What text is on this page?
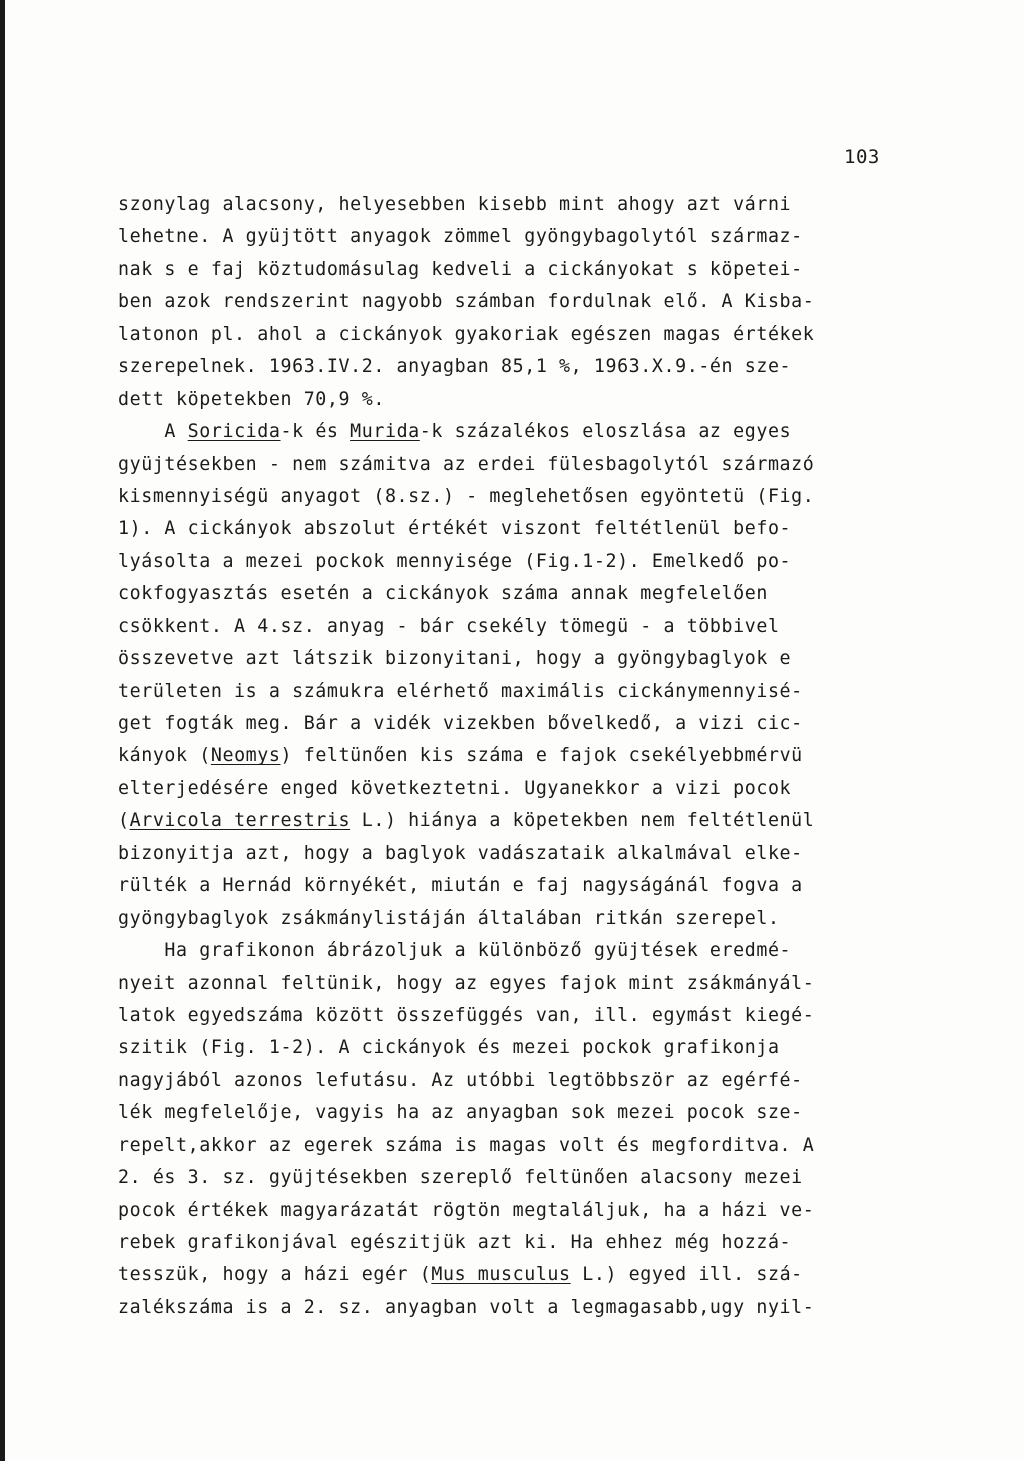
103
szonylag alacsony, helyesebben kisebb mint ahogy azt várni
lehetne. A gyüjtött anyagok zömmel gyöngybagolytól származ-
nak s e faj köztudomásulag kedveli a cickányokat s köpetei-
ben azok rendszerint nagyobb számban fordulnak elő. A Kisba-
latonon pl. ahol a cickányok gyakoriak egészen magas értékek
szerepelnek. 1963.IV.2. anyagban 85,1 %, 1963.X.9.-én sze-
dett köpetekben 70,9 %.
A Soricida-k és Murida-k százalékos eloszlása az egyes
gyüjtésekben - nem számitva az erdei fülesbagolytól származó
kismennyiségü anyagot (8.sz.) - meglehetősen egyöntetü (Fig.
1). A cickányok abszolut értékét viszont feltétlenül befo-
lyásolta a mezei pockok mennyisége (Fig.1-2). Emelkedő po-
cokfogyasztás esetén a cickányok száma annak megfelelően
csökkent. A 4.sz. anyag - bár csekély tömegü - a többivel
összevetve azt látszik bizonyitani, hogy a gyöngybaglyok e
területen is a számukra elérhető maximális cickánymennyisé-
get fogták meg. Bár a vidék vizekben bővelkedő, a vizi cic-
kányok (Neomys) feltünően kis száma e fajok csekélyebbmérvü
elterjedésére enged következtetni. Ugyanekkor a vizi pocok
(Arvicola terrestris L.) hiánya a köpetekben nem feltétlenül
bizonyitja azt, hogy a baglyok vadászataik alkalmával elke-
rülték a Hernád környékét, miután e faj nagyságánál fogva a
gyöngybaglyok zsákmánylistáján általában ritkán szerepel.
Ha grafikonon ábrázoljuk a különböző gyüjtések eredmé-
nyeit azonnal feltünik, hogy az egyes fajok mint zsákmányál-
latok egyedszáma között összefüggés van, ill. egymást kiegé-
szitik (Fig. 1-2). A cickányok és mezei pockok grafikonja
nagyjából azonos lefutásu. Az utóbbi legtöbbször az egérfé-
lék megfelelője, vagyis ha az anyagban sok mezei pocok sze-
repelt,akkor az egerek száma is magas volt és megforditva. A
2. és 3. sz. gyüjtésekben szereplő feltünően alacsony mezei
pocok értékek magyarázatát rögtön megtaláljuk, ha a házi ve-
rebek grafikonjával egészitjük azt ki. Ha ehhez még hozzá-
tesszük, hogy a házi egér (Mus musculus L.) egyed ill. szá-
zalékszáma is a 2. sz. anyagban volt a legmagasabb,ugy nyil-
